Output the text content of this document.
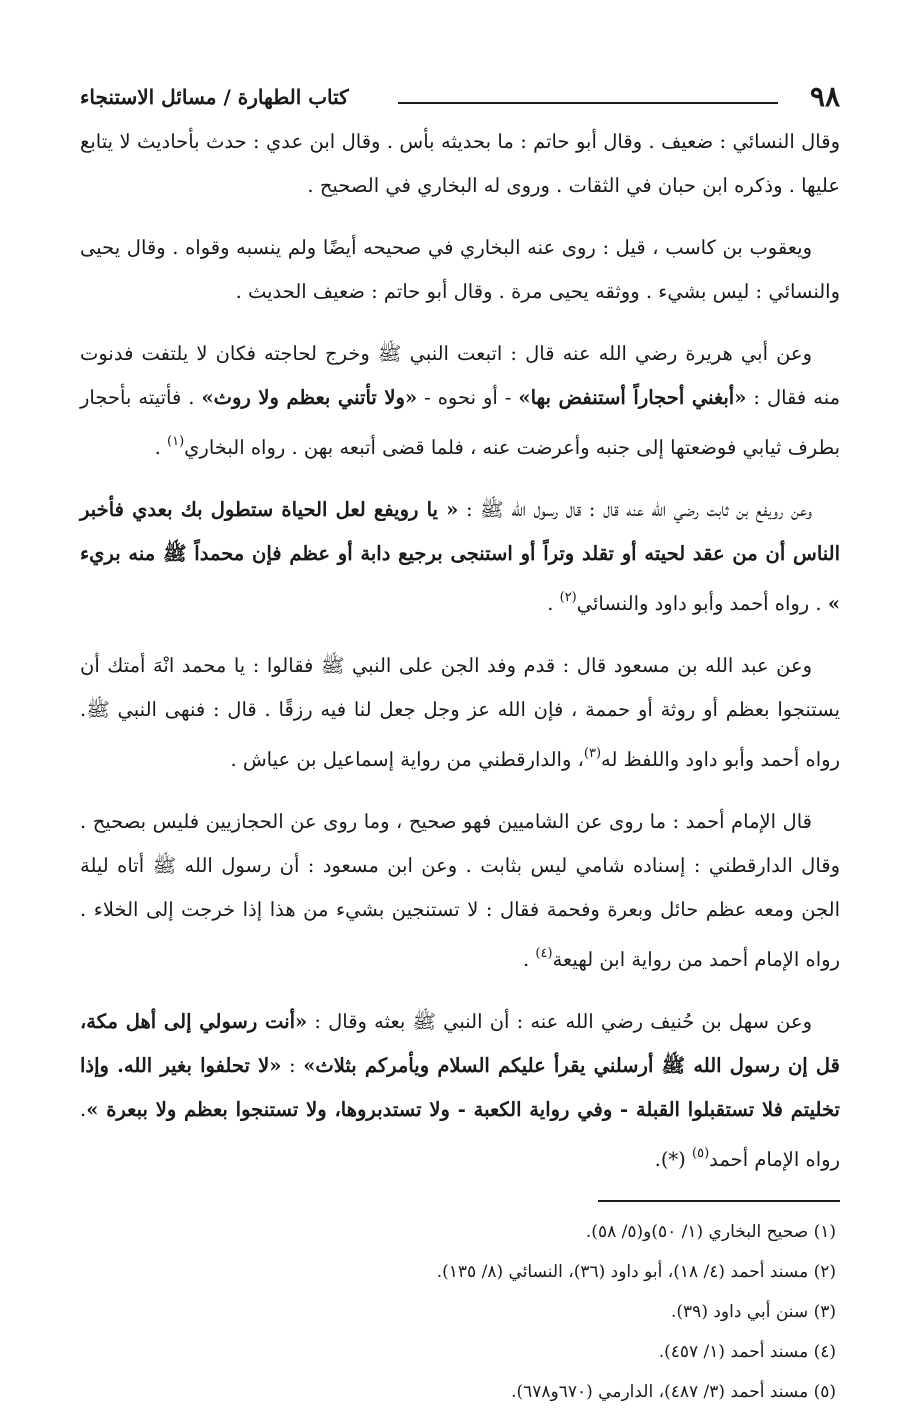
٩٨
كتاب الطهارة / مسائل الاستنجاء

وقال النسائي : ضعيف . وقال أبو حاتم : ما بحديثه بأس . وقال ابن عدي : حدث بأحاديث لا يتابع عليها . وذكره ابن حبان في الثقات . وروى له البخاري في الصحيح .

ويعقوب بن كاسب ، قيل : روى عنه البخاري في صحيحه أيضًا ولم ينسبه وقواه . وقال يحيى والنسائي : ليس بشيء . ووثقه يحيى مرة . وقال أبو حاتم : ضعيف الحديث .

وعن أبي هريرة رضي الله عنه قال : اتبعت النبي ﷺ وخرج لحاجته فكان لا يلتفت فدنوت منه فقال : «أبغني أحجاراً أستنفض بها» - أو نحوه - «ولا تأتني بعظم ولا روث» . فأتيته بأحجار بطرف ثيابي فوضعتها إلى جنبه وأعرضت عنه ، فلما قضى أتبعه بهن . رواه البخاري$^{(١)}$ .

وعن رويفع بن ثابت رضي الله عنه قال : قال رسول الله ﷺ : « يا رويفع لعل الحياة ستطول بك بعدي فأخبر الناس أن من عقد لحيته أو تقلد وتراً أو استنجى برجيع دابة أو عظم فإن محمداً ﷺ منه بريء » . رواه أحمد وأبو داود والنسائي$^{(٢)}$ .

وعن عبد الله بن مسعود قال : قدم وفد الجن على النبي ﷺ فقالوا : يا محمد انْهَ أمتك أن يستنجوا بعظم أو روثة أو حممة ، فإن الله عز وجل جعل لنا فيه رزقًا . قال : فنهى النبي ﷺ. رواه أحمد وأبو داود واللفظ له$^{(٣)}$، والدارقطني من رواية إسماعيل بن عياش .

قال الإمام أحمد : ما روى عن الشاميين فهو صحيح ، وما روى عن الحجازيين فليس بصحيح . وقال الدارقطني : إسناده شامي ليس بثابت . وعن ابن مسعود : أن رسول الله ﷺ أتاه ليلة الجن ومعه عظم حائل وبعرة وفحمة فقال : لا تستنجين بشيء من هذا إذا خرجت إلى الخلاء . رواه الإمام أحمد من رواية ابن لهيعة$^{(٤)}$ .

وعن سهل بن حُنيف رضي الله عنه : أن النبي ﷺ بعثه وقال : «أنت رسولي إلى أهل مكة، قل إن رسول الله ﷺ أرسلني يقرأ عليكم السلام ويأمركم بثلاث» : «لا تحلفوا بغير الله. وإذا تخليتم فلا تستقبلوا القبلة - وفي رواية الكعبة - ولا تستدبروها، ولا تستنجوا بعظم ولا ببعرة ». رواه الإمام أحمد$^{(٥)}$ (*).

(١) صحيح البخاري (١/ ٥٠)و(٥/ ٥٨).
(٢) مسند أحمد (٤/ ١٨)، أبو داود (٣٦)، النسائي (٨/ ١٣٥).
(٣) سنن أبي داود (٣٩).
(٤) مسند أحمد (١/ ٤٥٧).
(٥) مسند أحمد (٣/ ٤٨٧)، الدارمي (٦٧٠و٦٧٨).
